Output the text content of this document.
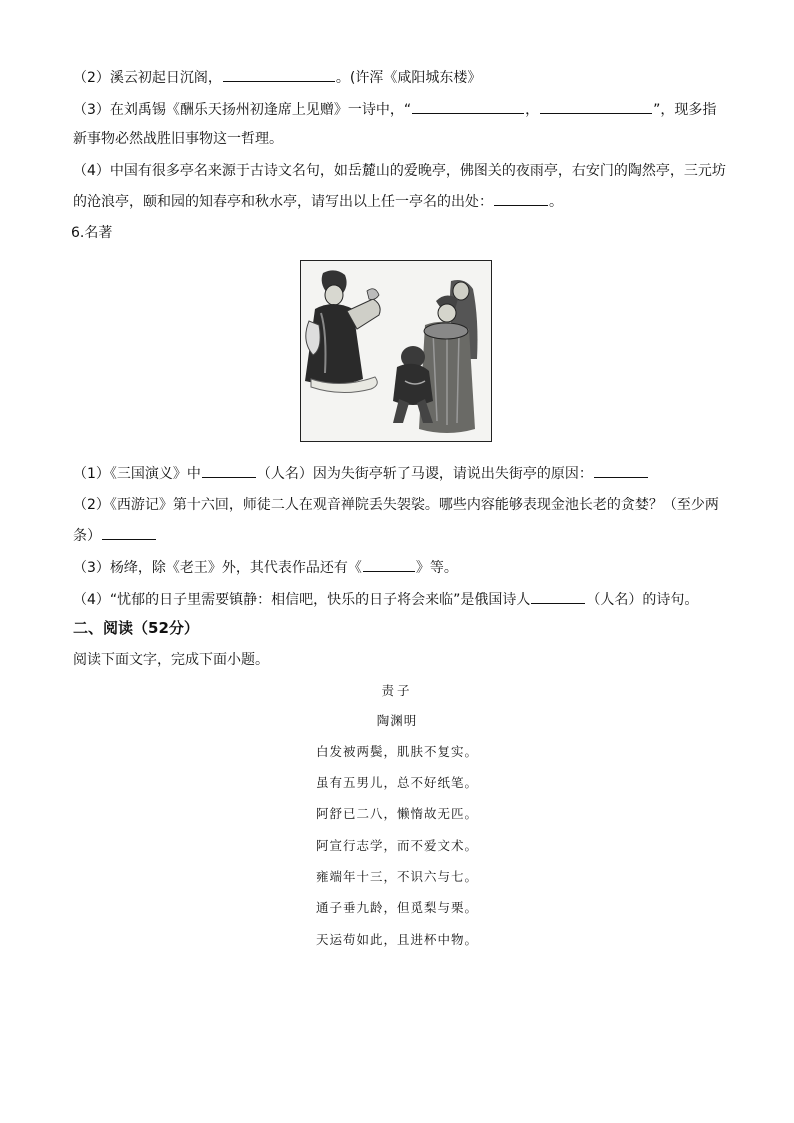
（2）溪云初起日沉阁，	。(许浑《咸阳城东楼》
（3）在刘禹锡《酬乐天扬州初逢席上见赠》一诗中，“	，	”，现多指
新事物必然战胜旧事物这一哲理。
（4）中国有很多亭名来源于古诗文名句，如岳麓山的爱晚亭，佛图关的夜雨亭，右安门的陶然亭，三元坊
的沧浪亭，颐和园的知春亭和秋水亭，请写出以上任一亭名的出处：	。
6.名著
（1）《三国演义》中	（人名）因为失街亭斩了马谡，请说出失街亭的原因：
（2）《西游记》第十六回，师徒二人在观音禅院丢失袈裟。哪些内容能够表现金池长老的贪婪？（至少两
条）
（3）杨绛，除《老王》外，其代表作品还有《	》等。
（4）“忧郁的日子里需要镇静：相信吧，快乐的日子将会来临”是俄国诗人	（人名）的诗句。
二、阅读（52分）
阅读下面文字，完成下面小题。
责子
陶渊明
白发被两鬓，肌肤不复实。
虽有五男儿，总不好纸笔。
阿舒已二八，懒惰故无匹。
阿宣行志学，而不爱文术。
雍端年十三，不识六与七。
通子垂九龄，但觅梨与栗。
天运苟如此，且进杯中物。
